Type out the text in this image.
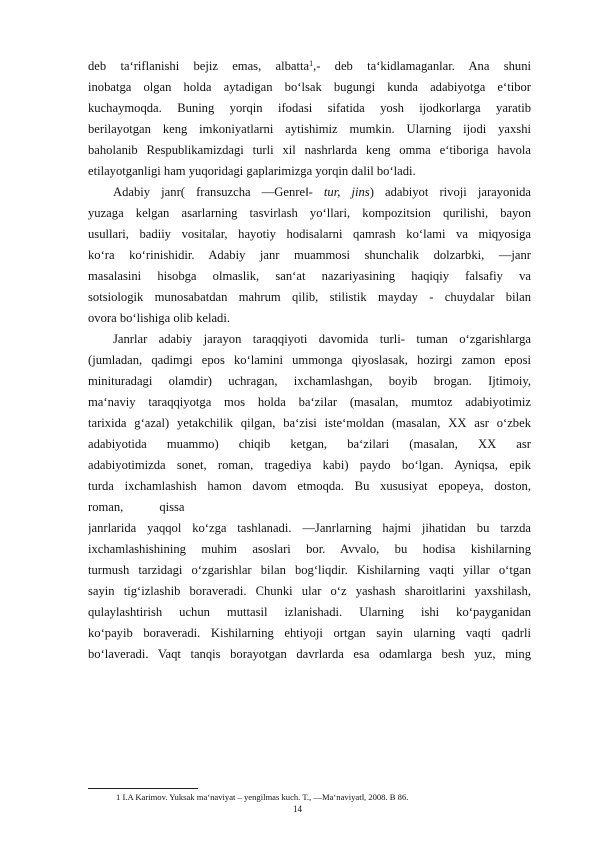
deb ta‘riflanishi bejiz emas, albatta$^1$,- deb ta‘kidlamaganlar. Ana shuni
inobatga olgan holda aytadigan bo‘lsak bugungi kunda adabiyotga e‘tibor
kuchaymoqda. Buning yorqin ifodasi sifatida yosh ijodkorlarga yaratib
berilayotgan keng imkoniyatlarni aytishimiz mumkin. Ularning ijodi yaxshi
baholanib Respublikamizdagi turli xil nashrlarda keng omma e‘tiboriga havola
etilayotganligi ham yuqoridagi gaplarimizga yorqin dalil bo‘ladi.
Adabiy janr( fransuzcha ―Genre‖- tur, jins) adabiyot rivoji jarayonida
yuzaga kelgan asarlarning tasvirlash yo‘llari, kompozitsion qurilishi, bayon
usullari, badiiy vositalar, hayotiy hodisalarni qamrash ko‘lami va miqyosiga
ko‘ra ko‘rinishidir. Adabiy janr muammosi shunchalik dolzarbki, ―janr
masalasini hisobga olmaslik, san‘at nazariyasining haqiqiy falsafiy va
sotsiologik munosabatdan mahrum qilib, stilistik mayday - chuydalar bilan
ovora bo‘lishiga olib keladi.
Janrlar adabiy jarayon taraqqiyoti davomida turli- tuman o‘zgarishlarga
(jumladan, qadimgi epos ko‘lamini ummonga qiyoslasak, hozirgi zamon eposi
minituradagi olamdir) uchragan, ixchamlashgan, boyib brogan. Ijtimoiy,
ma‘naviy taraqqiyotga mos holda ba‘zilar (masalan, mumtoz adabiyotimiz
tarixida g‘azal) yetakchilik qilgan, ba‘zisi iste‘moldan (masalan, XX asr o‘zbek
adabiyotida muammo) chiqib ketgan, ba‘zilari (masalan, XX asr
adabiyotimizda sonet, roman, tragediya kabi) paydo bo‘lgan. Ayniqsa, epik
turda ixchamlashish hamon davom etmoqda. Bu xususiyat epopeya, doston,
roman,	qissa
janrlarida yaqqol ko‘zga tashlanadi. ―Janrlarning hajmi jihatidan bu tarzda
ixchamlashishining muhim asoslari bor. Avvalo, bu hodisa kishilarning
turmush tarzidagi o‘zgarishlar bilan bog‘liqdir. Kishilarning vaqti yillar o‘tgan
sayin tig‘izlashib boraveradi. Chunki ular o‘z yashash sharoitlarini yaxshilash,
qulaylashtirish uchun muttasil izlanishadi. Ularning ishi ko‘payganidan
ko‘payib boraveradi. Kishilarning ehtiyoji ortgan sayin ularning vaqti qadrli
bo‘laveradi. Vaqt tanqis borayotgan davrlarda esa odamlarga besh yuz, ming
1 I.A Karimov. Yuksak ma‘naviyat – yengilmas kuch. T., ―Ma‘naviyat‖, 2008. B 86.
14
